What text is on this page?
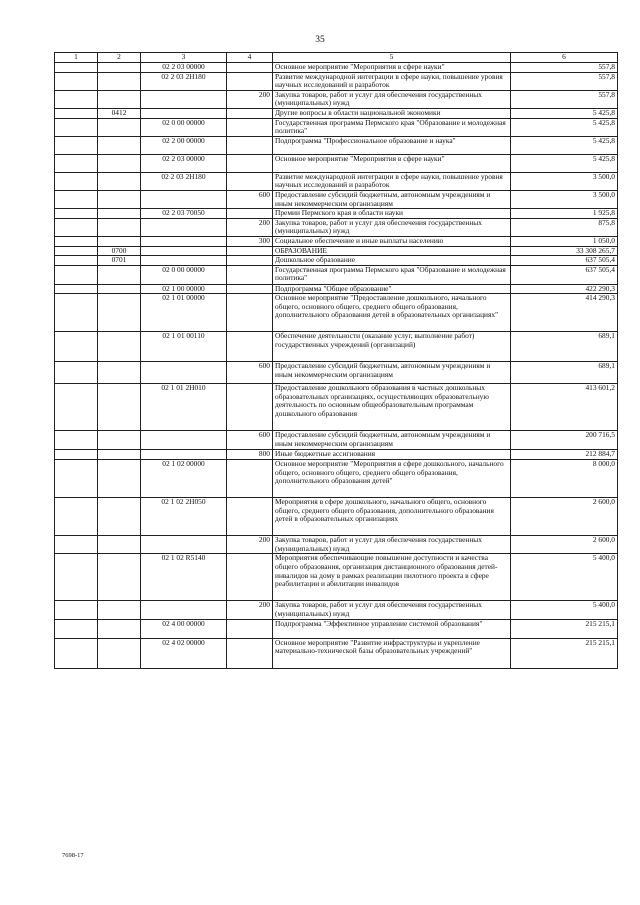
35
1	2	3	4	5	6
		02 2 03 00000		Основное мероприятие "Мероприятия в сфере науки"	557,8
		02 2 03 2Н180		Развитие международной интеграции в сфере науки, повышение уровня научных исследований и разработок	557,8
			200	Закупка товаров, работ и услуг для обеспечения государственных (муниципальных) нужд	557,8
	0412			Другие вопросы в области национальной экономики	5 425,8
		02 0 00 00000		Государственная программа Пермского края "Образование и молодежная политика"	5 425,8
		02 2 00 00000		Подпрограмма "Профессиональное образование и наука"	5 425,8
		02 2 03 00000		Основное мероприятие "Мероприятия в сфере науки"	5 425,8
		02 2 03 2Н180		Развитие международной интеграции в сфере науки, повышение уровня научных исследований и разработок	3 500,0
			600	Предоставление субсидий бюджетным, автономным учреждениям и иным некоммерческим организациям	3 500,0
		02 2 03 70050		Премии Пермского края в области науки	1 925,8
			200	Закупка товаров, работ и услуг для обеспечения государственных (муниципальных) нужд	875,8
			300	Социальное обеспечение и иные выплаты населению	1 050,0
	0700			ОБРАЗОВАНИЕ	33 308 265,7
	0701			Дошкольное образование	637 505,4
		02 0 00 00000		Государственная программа Пермского края "Образование и молодежная политика"	637 505,4
		02 1 00 00000		Подпрограмма "Общее образование"	422 290,3
		02 1 01 00000		Основное мероприятие "Предоставление дошкольного, начального общего, основного общего, среднего общего образования, дополнительного образования детей в образовательных организациях"	414 290,3
		02 1 01 00110		Обеспечение деятельности (оказание услуг, выполнение работ) государственных учреждений (организаций)	689,1
			600	Предоставление субсидий бюджетным, автономным учреждениям и иным некоммерческим организациям	689,1
		02 1 01 2Н010		Предоставление дошкольного образования в частных дошкольных образовательных организациях, осуществляющих образовательную деятельность по основным общеобразовательным программам дошкольного образования	413 601,2
			600	Предоставление субсидий бюджетным, автономным учреждениям и иным некоммерческим организациям	200 716,5
			800	Иные бюджетные ассигнования	212 884,7
		02 1 02 00000		Основное мероприятие "Мероприятия в сфере дошкольного, начального общего, основного общего, среднего общего образования, дополнительного образования детей"	8 000,0
		02 1 02 2Н050		Мероприятия в сфере дошкольного, начального общего, основного общего, среднего общего образования, дополнительного образования детей в образовательных организациях	2 600,0
			200	Закупка товаров, работ и услуг для обеспечения государственных (муниципальных) нужд	2 600,0
		02 1 02 R5140		Мероприятия обеспечивающие повышение доступности и качества общего образования, организация дистанционного образования детей-инвалидов на дому в рамках реализации пилотного проекта в сфере реабилитации и абилитации инвалидов	5 400,0
			200	Закупка товаров, работ и услуг для обеспечения государственных (муниципальных) нужд	5 400,0
		02 4 00 00000		Подпрограмма "Эффективное управление системой образования"	215 215,1
		02 4 02 00000		Основное мероприятие "Развитие инфраструктуры и укрепление материально-технической базы образовательных учреждений"	215 215,1
7698-17
